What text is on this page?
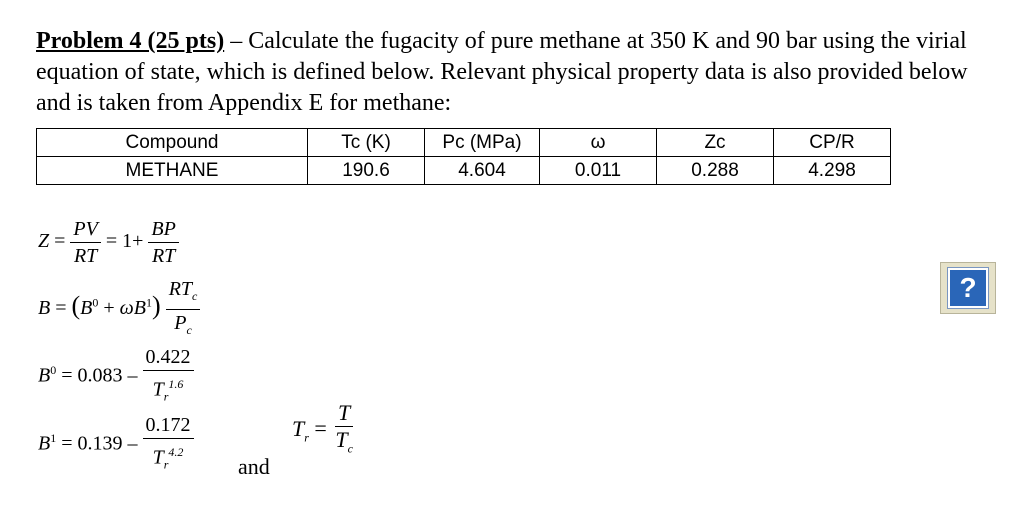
Problem 4 (25 pts) – Calculate the fugacity of pure methane at 350 K and 90 bar using the virial equation of state, which is defined below. Relevant physical property data is also provided below and is taken from Appendix E for methane:
Compound	Tc (K)	Pc (MPa)	ω	Zc	CP/R
METHANE	190.6	4.604	0.011	0.288	4.298
$Z = \frac{PV}{RT} = 1+ \frac{BP}{RT}$
$B = (B^0 + \omega B^1) \frac{RT_c}{P_c}$
$B^0 = 0.083 - \frac{0.422}{T_r^{1.6}}$
$B^1 = 0.139 - \frac{0.172}{T_r^{4.2}}$ and
$T_r = \frac{T}{T_c}$
?
